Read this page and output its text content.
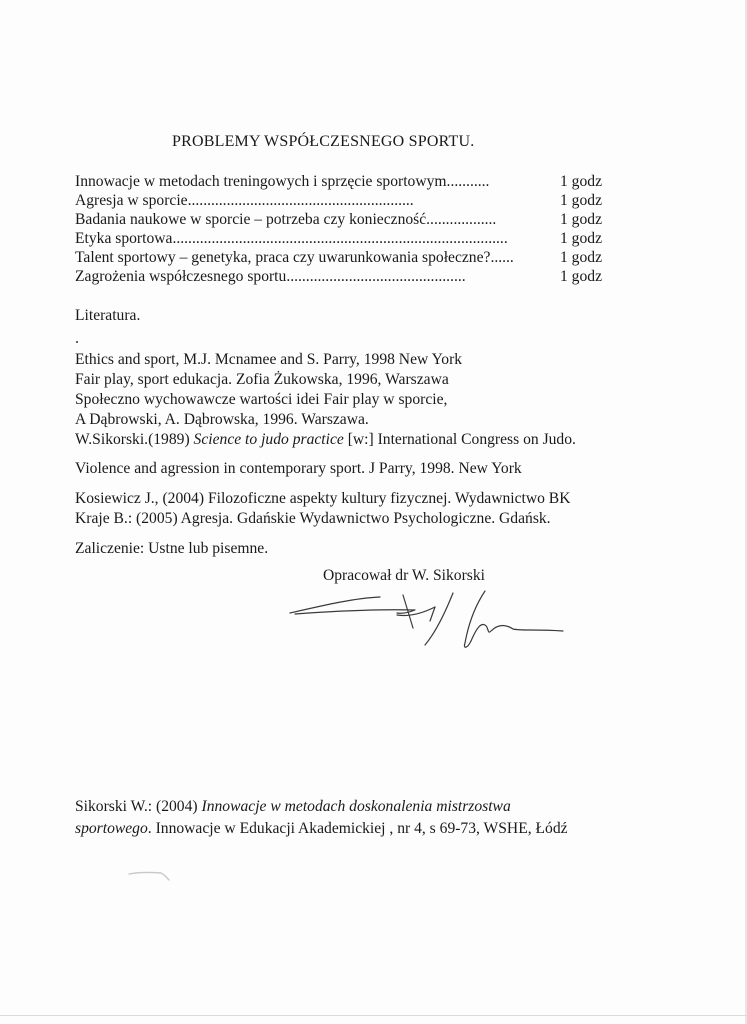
PROBLEMY WSPÓŁCZESNEGO SPORTU.
Innowacje w metodach treningowych i sprzęcie sportowym ...........	1 godz
Agresja w sporcie ..........................................................	1 godz
Badania naukowe w sporcie – potrzeba czy konieczność ..................	1 godz
Etyka sportowa ......................................................................................	1 godz
Talent sportowy – genetyka, praca czy uwarunkowania społeczne? ......	1 godz
Zagrożenia współczesnego sportu ..............................................	1 godz
Literatura.
Ethics and sport, M.J. Mcnamee and S. Parry, 1998 New York
Fair play, sport edukacja. Zofia Żukowska, 1996, Warszawa
Społeczno wychowawcze wartości idei Fair play w sporcie,
A Dąbrowski, A. Dąbrowska, 1996. Warszawa.
W.Sikorski.(1989) Science to judo practice [w:] International Congress on Judo.
Violence and agression in contemporary sport. J Parry, 1998. New York
Kosiewicz J., (2004) Filozoficzne aspekty kultury fizycznej. Wydawnictwo BK
Kraje B.: (2005) Agresja. Gdańskie Wydawnictwo Psychologiczne. Gdańsk.
Zaliczenie: Ustne lub pisemne.
Opracował dr W. Sikorski
Sikorski W.: (2004) Innowacje w metodach doskonalenia mistrzostwa
sportowego. Innowacje w Edukacji Akademickiej , nr 4, s 69-73, WSHE, Łódź
